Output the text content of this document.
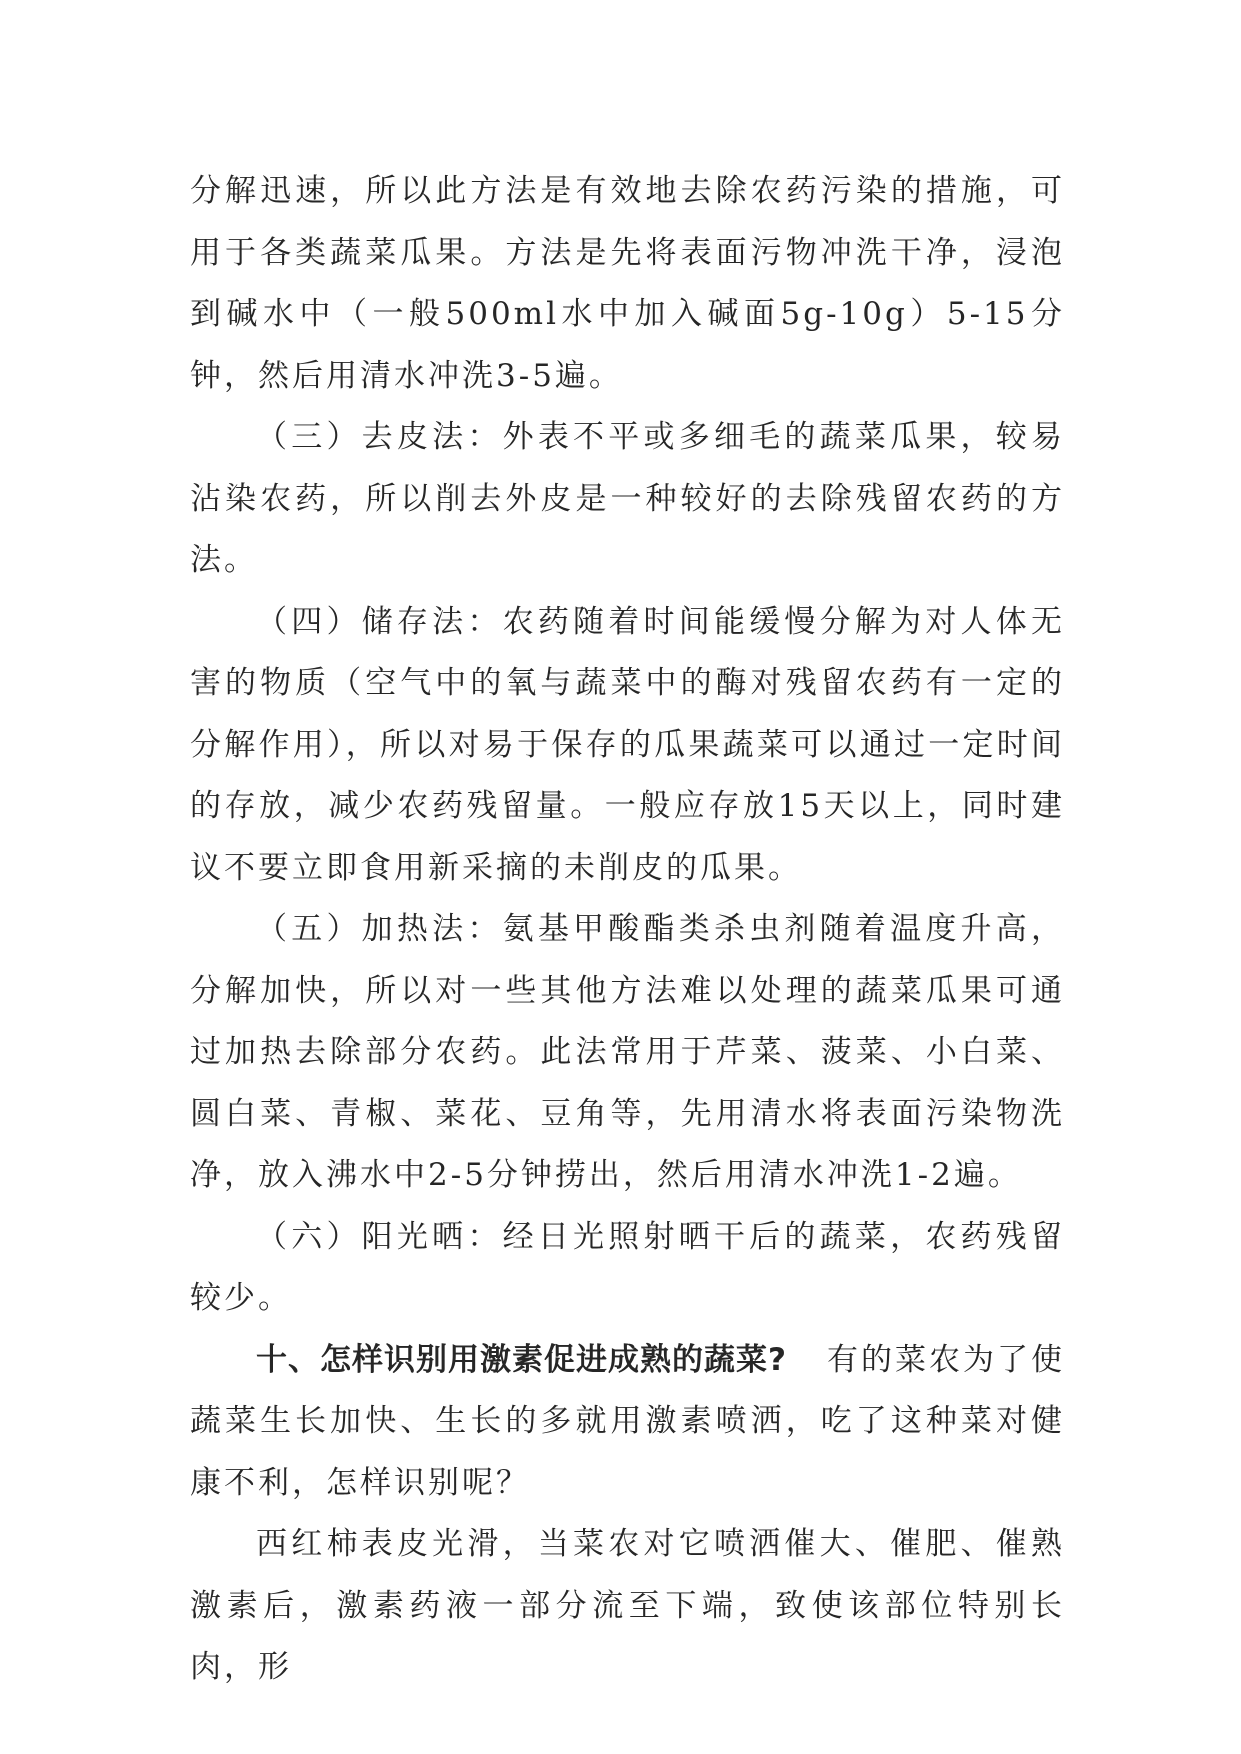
分解迅速，所以此方法是有效地去除农药污染的措施，可用于各类蔬菜瓜果。方法是先将表面污物冲洗干净，浸泡到碱水中（一般500ml水中加入碱面5g-10g）5-15分钟，然后用清水冲洗3-5遍。

（三）去皮法：外表不平或多细毛的蔬菜瓜果，较易沾染农药，所以削去外皮是一种较好的去除残留农药的方法。

（四）储存法：农药随着时间能缓慢分解为对人体无害的物质（空气中的氧与蔬菜中的酶对残留农药有一定的分解作用），所以对易于保存的瓜果蔬菜可以通过一定时间的存放，减少农药残留量。一般应存放15天以上，同时建议不要立即食用新采摘的未削皮的瓜果。

（五）加热法：氨基甲酸酯类杀虫剂随着温度升高，分解加快，所以对一些其他方法难以处理的蔬菜瓜果可通过加热去除部分农药。此法常用于芹菜、菠菜、小白菜、圆白菜、青椒、菜花、豆角等，先用清水将表面污染物洗净，放入沸水中2-5分钟捞出，然后用清水冲洗1-2遍。

（六）阳光晒：经日光照射晒干后的蔬菜，农药残留较少。

十、怎样识别用激素促进成熟的蔬菜? 有的菜农为了使蔬菜生长加快、生长的多就用激素喷洒，吃了这种菜对健康不利，怎样识别呢？

西红柿表皮光滑，当菜农对它喷洒催大、催肥、催熟激素后，激素药液一部分流至下端，致使该部位特别长肉，形
